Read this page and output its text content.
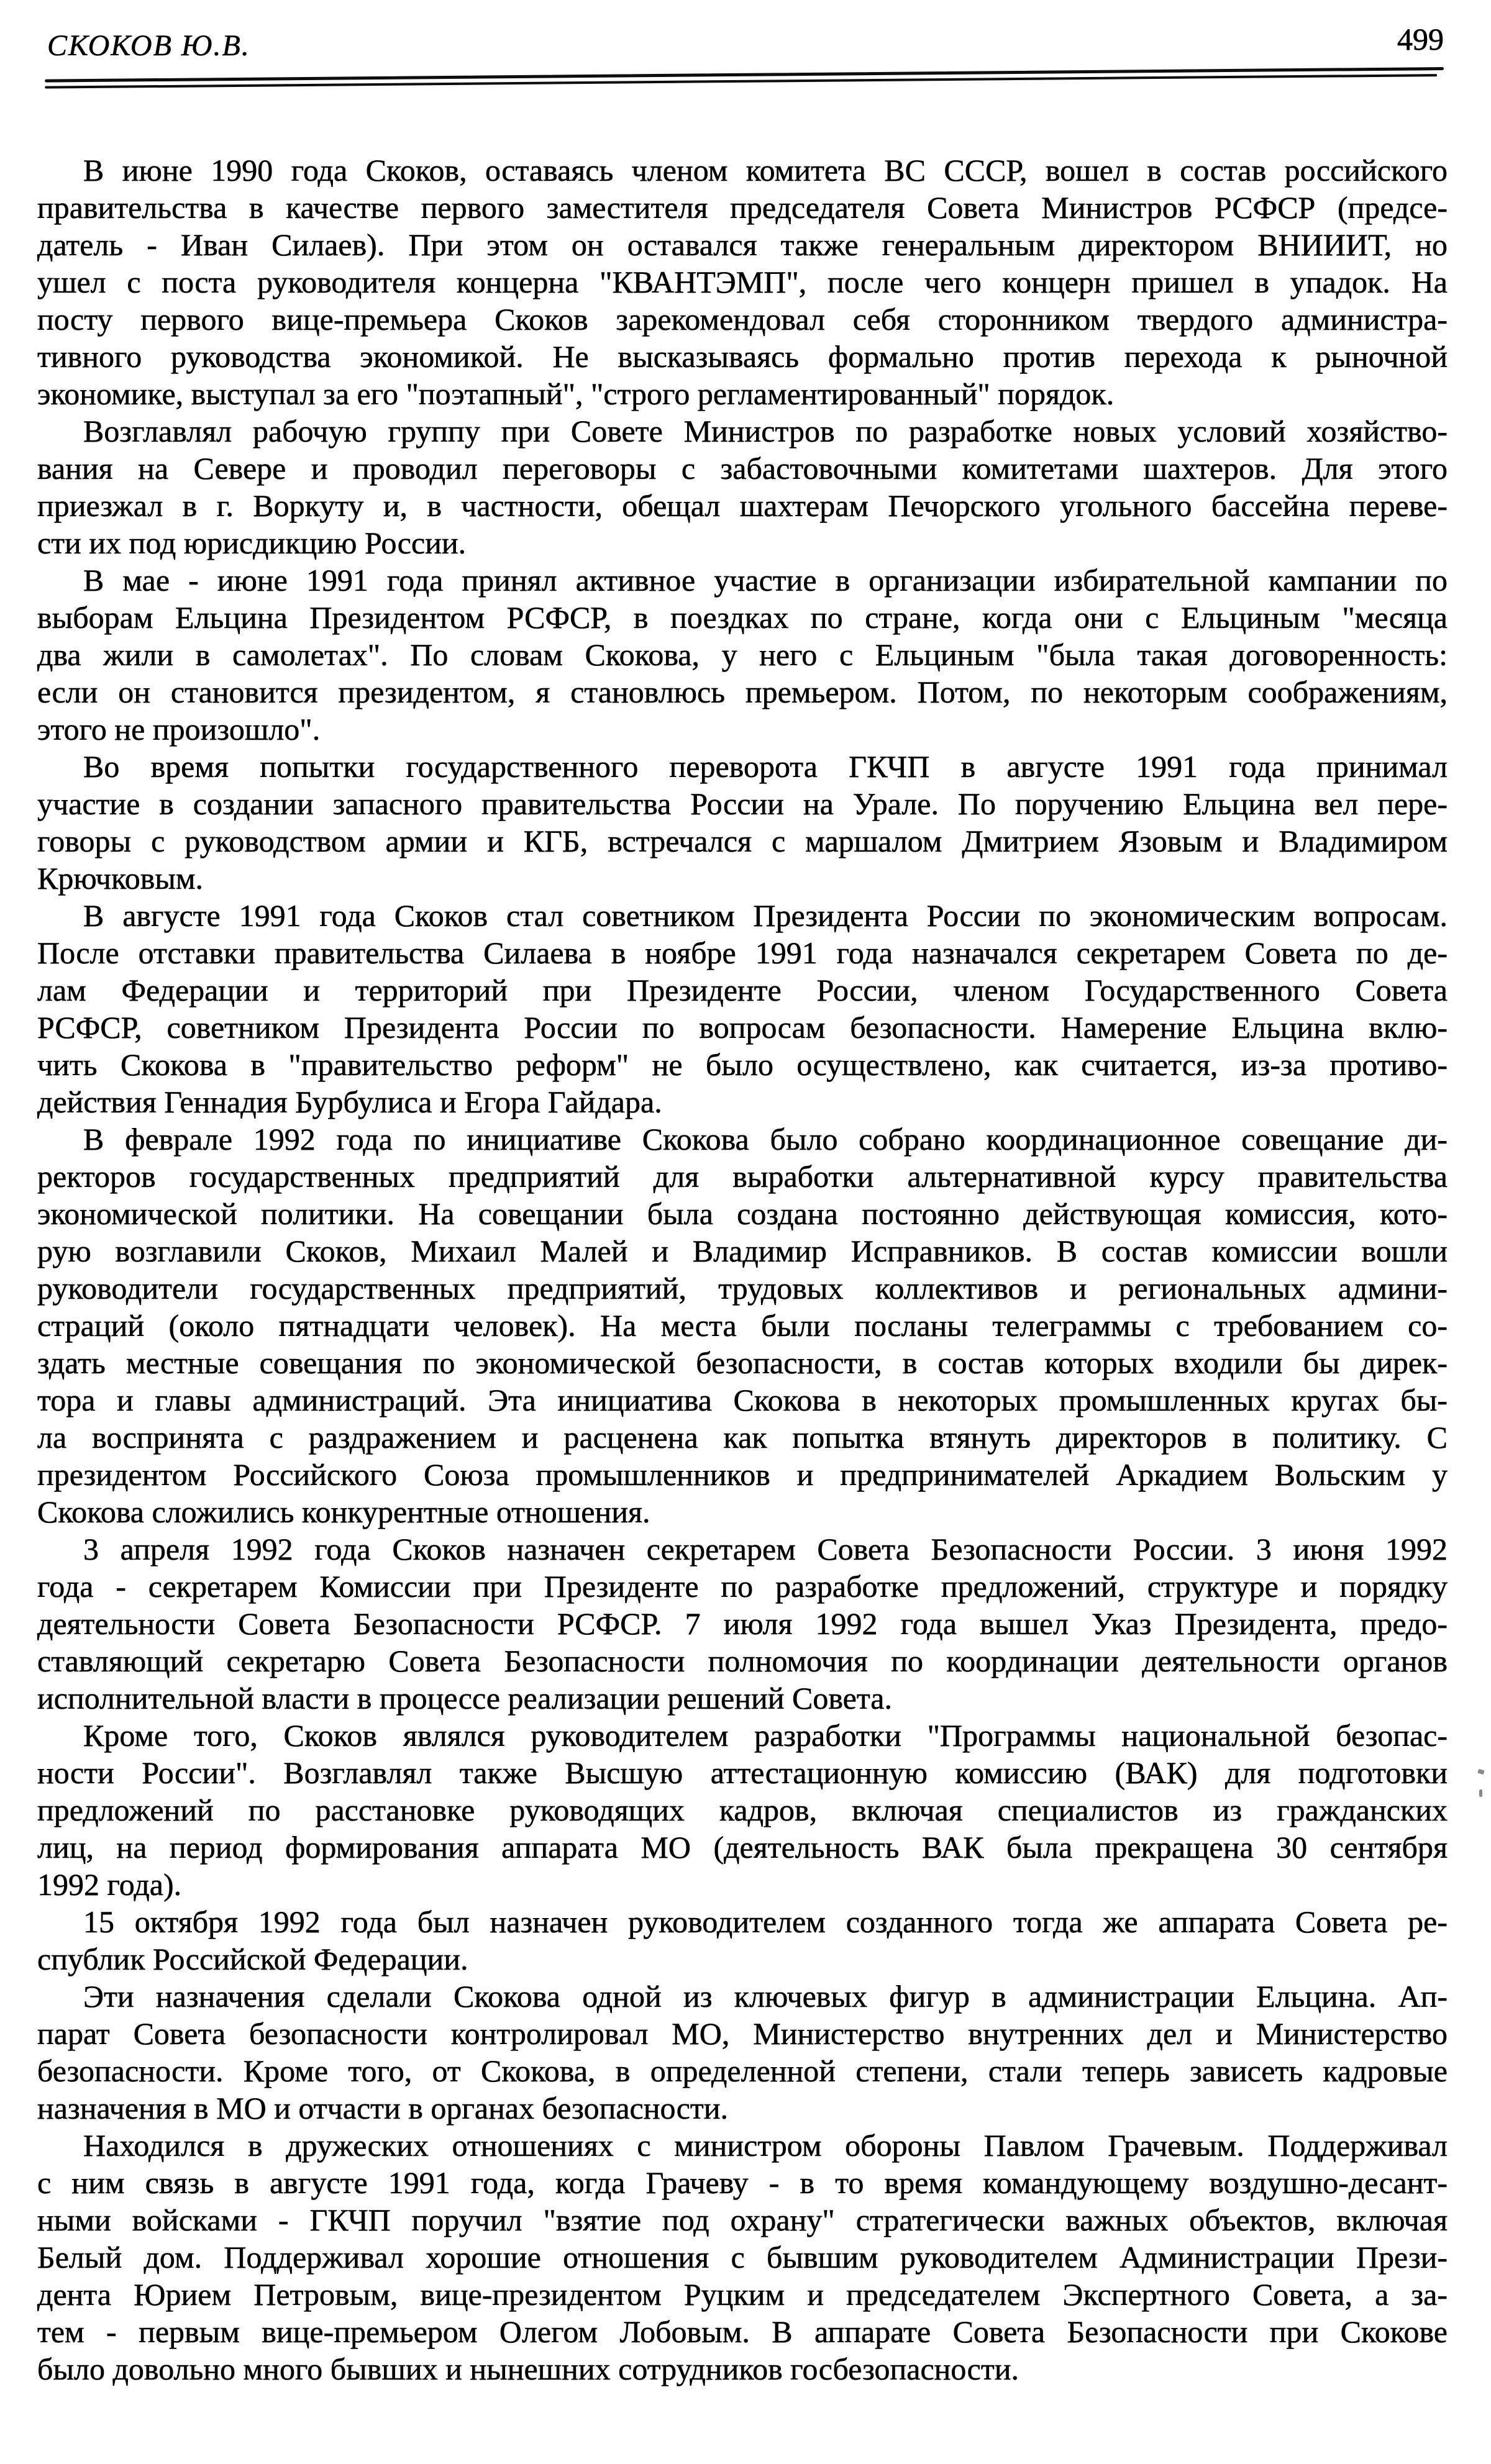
СКОКОВ Ю.В.	499
В июне 1990 года Скоков, оставаясь членом комитета ВС СССР, вошел в состав российского
правительства в качестве первого заместителя председателя Совета Министров РСФСР (предсе-
датель - Иван Силаев). При этом он оставался также генеральным директором ВНИИИТ, но
ушел с поста руководителя концерна "КВАНТЭМП", после чего концерн пришел в упадок. На
посту первого вице-премьера Скоков зарекомендовал себя сторонником твердого администра-
тивного руководства экономикой. Не высказываясь формально против перехода к рыночной
экономике, выступал за его "поэтапный", "строго регламентированный" порядок.
Возглавлял рабочую группу при Совете Министров по разработке новых условий хозяйство-
вания на Севере и проводил переговоры с забастовочными комитетами шахтеров. Для этого
приезжал в г. Воркуту и, в частности, обещал шахтерам Печорского угольного бассейна переве-
сти их под юрисдикцию России.
В мае - июне 1991 года принял активное участие в организации избирательной кампании по
выборам Ельцина Президентом РСФСР, в поездках по стране, когда они с Ельциным "месяца
два жили в самолетах". По словам Скокова, у него с Ельциным "была такая договоренность:
если он становится президентом, я становлюсь премьером. Потом, по некоторым соображениям,
этого не произошло".
Во время попытки государственного переворота ГКЧП в августе 1991 года принимал
участие в создании запасного правительства России на Урале. По поручению Ельцина вел пере-
говоры с руководством армии и КГБ, встречался с маршалом Дмитрием Язовым и Владимиром
Крючковым.
В августе 1991 года Скоков стал советником Президента России по экономическим вопросам.
После отставки правительства Силаева в ноябре 1991 года назначался секретарем Совета по де-
лам Федерации и территорий при Президенте России, членом Государственного Совета
РСФСР, советником Президента России по вопросам безопасности. Намерение Ельцина вклю-
чить Скокова в "правительство реформ" не было осуществлено, как считается, из-за противо-
действия Геннадия Бурбулиса и Егора Гайдара.
В феврале 1992 года по инициативе Скокова было собрано координационное совещание ди-
ректоров государственных предприятий для выработки альтернативной курсу правительства
экономической политики. На совещании была создана постоянно действующая комиссия, кото-
рую возглавили Скоков, Михаил Малей и Владимир Исправников. В состав комиссии вошли
руководители государственных предприятий, трудовых коллективов и региональных админи-
страций (около пятнадцати человек). На места были посланы телеграммы с требованием со-
здать местные совещания по экономической безопасности, в состав которых входили бы дирек-
тора и главы администраций. Эта инициатива Скокова в некоторых промышленных кругах бы-
ла воспринята с раздражением и расценена как попытка втянуть директоров в политику. С
президентом Российского Союза промышленников и предпринимателей Аркадием Вольским у
Скокова сложились конкурентные отношения.
3 апреля 1992 года Скоков назначен секретарем Совета Безопасности России. 3 июня 1992
года - секретарем Комиссии при Президенте по разработке предложений, структуре и порядку
деятельности Совета Безопасности РСФСР. 7 июля 1992 года вышел Указ Президента, предо-
ставляющий секретарю Совета Безопасности полномочия по координации деятельности органов
исполнительной власти в процессе реализации решений Совета.
Кроме того, Скоков являлся руководителем разработки "Программы национальной безопас-
ности России". Возглавлял также Высшую аттестационную комиссию (ВАК) для подготовки
предложений по расстановке руководящих кадров, включая специалистов из гражданских
лиц, на период формирования аппарата МО (деятельность ВАК была прекращена 30 сентября
1992 года).
15 октября 1992 года был назначен руководителем созданного тогда же аппарата Совета ре-
спублик Российской Федерации.
Эти назначения сделали Скокова одной из ключевых фигур в администрации Ельцина. Ап-
парат Совета безопасности контролировал МО, Министерство внутренних дел и Министерство
безопасности. Кроме того, от Скокова, в определенной степени, стали теперь зависеть кадровые
назначения в МО и отчасти в органах безопасности.
Находился в дружеских отношениях с министром обороны Павлом Грачевым. Поддерживал
с ним связь в августе 1991 года, когда Грачеву - в то время командующему воздушно-десант-
ными войсками - ГКЧП поручил "взятие под охрану" стратегически важных объектов, включая
Белый дом. Поддерживал хорошие отношения с бывшим руководителем Администрации Прези-
дента Юрием Петровым, вице-президентом Руцким и председателем Экспертного Совета, а за-
тем - первым вице-премьером Олегом Лобовым. В аппарате Совета Безопасности при Скокове
было довольно много бывших и нынешних сотрудников госбезопасности.
